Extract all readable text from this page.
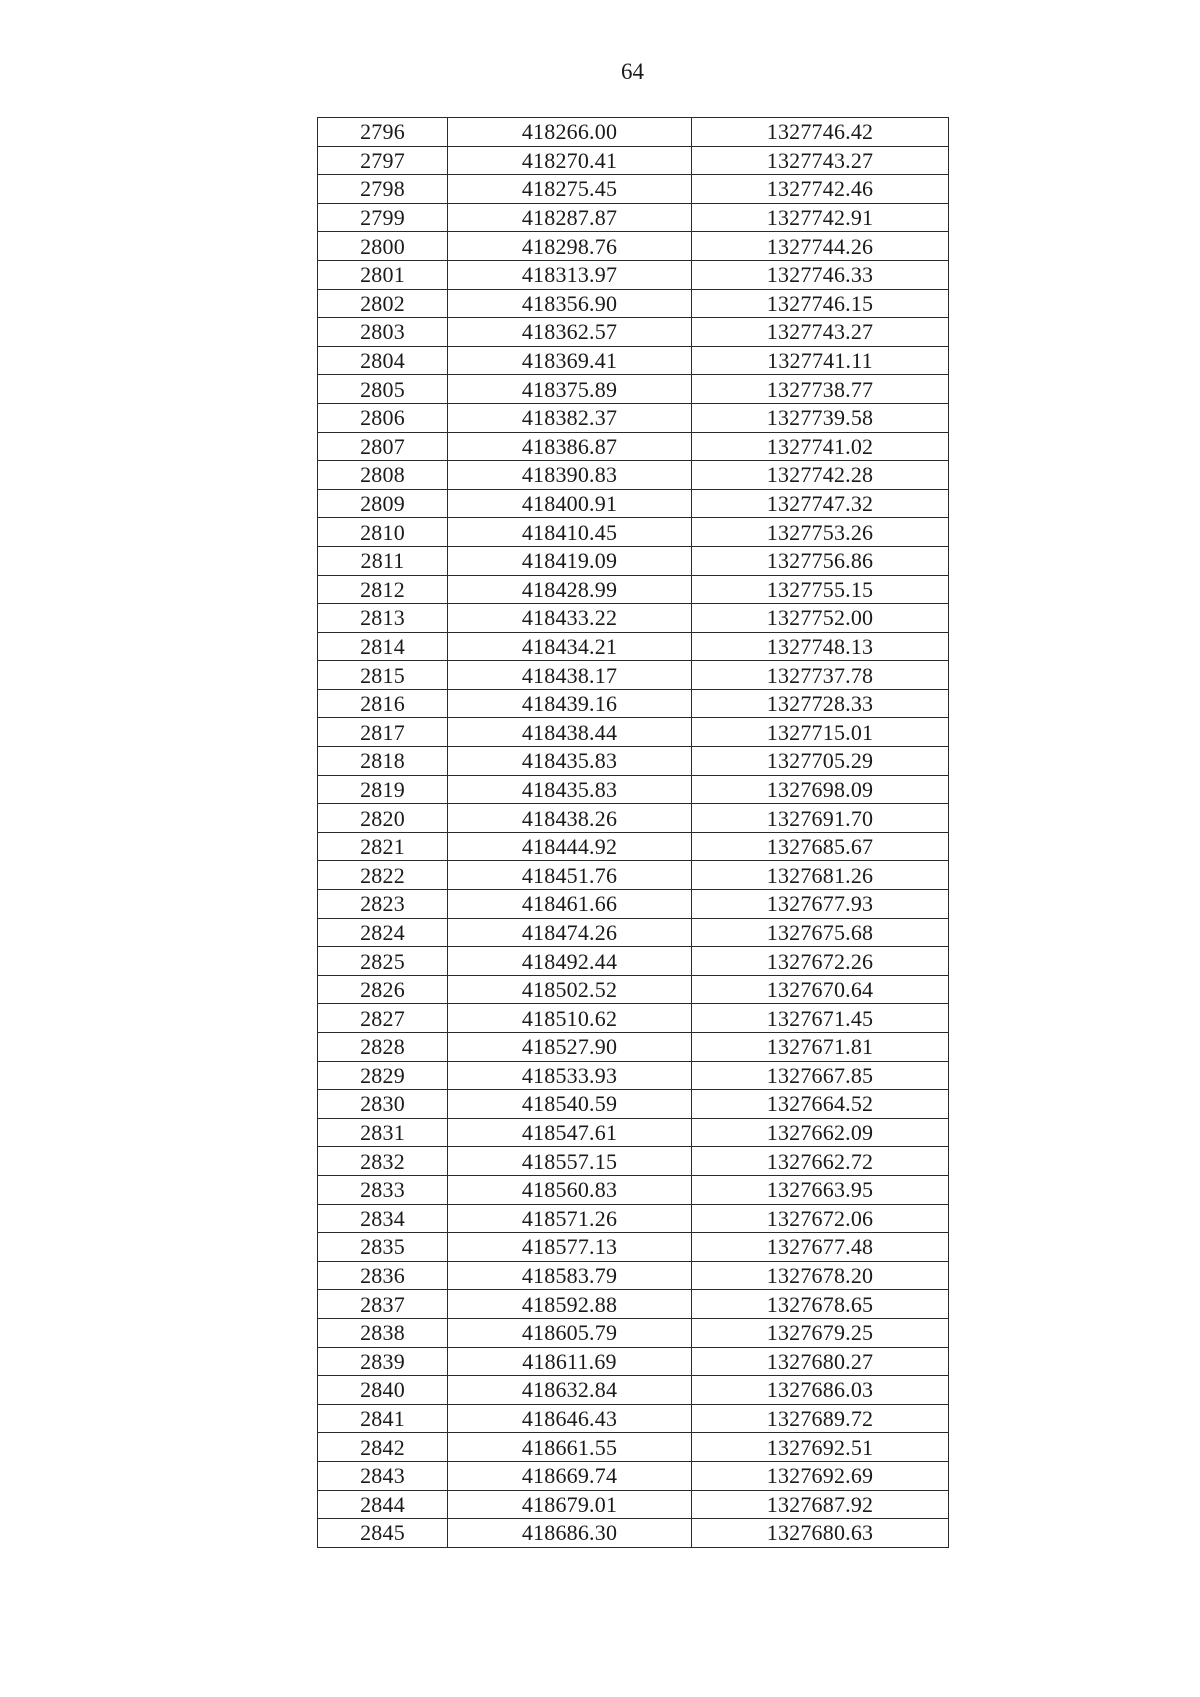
64
2796	418266.00	1327746.42
2797	418270.41	1327743.27
2798	418275.45	1327742.46
2799	418287.87	1327742.91
2800	418298.76	1327744.26
2801	418313.97	1327746.33
2802	418356.90	1327746.15
2803	418362.57	1327743.27
2804	418369.41	1327741.11
2805	418375.89	1327738.77
2806	418382.37	1327739.58
2807	418386.87	1327741.02
2808	418390.83	1327742.28
2809	418400.91	1327747.32
2810	418410.45	1327753.26
2811	418419.09	1327756.86
2812	418428.99	1327755.15
2813	418433.22	1327752.00
2814	418434.21	1327748.13
2815	418438.17	1327737.78
2816	418439.16	1327728.33
2817	418438.44	1327715.01
2818	418435.83	1327705.29
2819	418435.83	1327698.09
2820	418438.26	1327691.70
2821	418444.92	1327685.67
2822	418451.76	1327681.26
2823	418461.66	1327677.93
2824	418474.26	1327675.68
2825	418492.44	1327672.26
2826	418502.52	1327670.64
2827	418510.62	1327671.45
2828	418527.90	1327671.81
2829	418533.93	1327667.85
2830	418540.59	1327664.52
2831	418547.61	1327662.09
2832	418557.15	1327662.72
2833	418560.83	1327663.95
2834	418571.26	1327672.06
2835	418577.13	1327677.48
2836	418583.79	1327678.20
2837	418592.88	1327678.65
2838	418605.79	1327679.25
2839	418611.69	1327680.27
2840	418632.84	1327686.03
2841	418646.43	1327689.72
2842	418661.55	1327692.51
2843	418669.74	1327692.69
2844	418679.01	1327687.92
2845	418686.30	1327680.63
